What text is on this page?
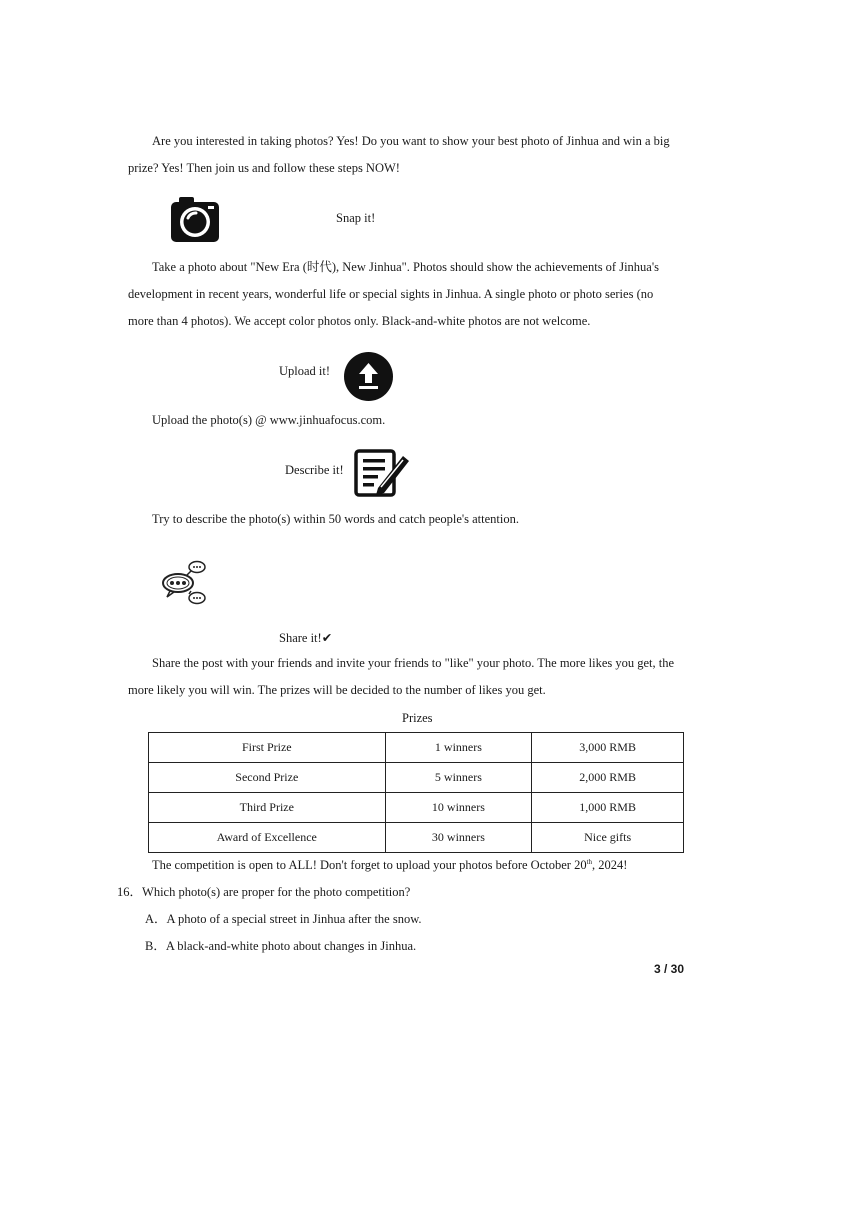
Are you interested in taking photos? Yes! Do you want to show your best photo of Jinhua and win a big
prize? Yes! Then join us and follow these steps NOW!
Snap it!
Take a photo about "New Era (时代), New Jinhua". Photos should show the achievements of Jinhua's
development in recent years, wonderful life or special sights in Jinhua. A single photo or photo series (no
more than 4 photos). We accept color photos only. Black-and-white photos are not welcome.
Upload it!
Upload the photo(s) @ www.jinhuafocus.com.
Describe it!
Try to describe the photo(s) within 50 words and catch people's attention.
Share it!✔
Share the post with your friends and invite your friends to "like" your photo. The more likes you get, the
more likely you will win. The prizes will be decided to the number of likes you get.
Prizes
First Prize	1 winners	3,000 RMB
Second Prize	5 winners	2,000 RMB
Third Prize	10 winners	1,000 RMB
Award of Excellence	30 winners	Nice gifts
The competition is open to ALL! Don't forget to upload your photos before October 20th, 2024!
16．Which photo(s) are proper for the photo competition?
A．A photo of a special street in Jinhua after the snow.
B．A black-and-white photo about changes in Jinhua.
3 / 30
